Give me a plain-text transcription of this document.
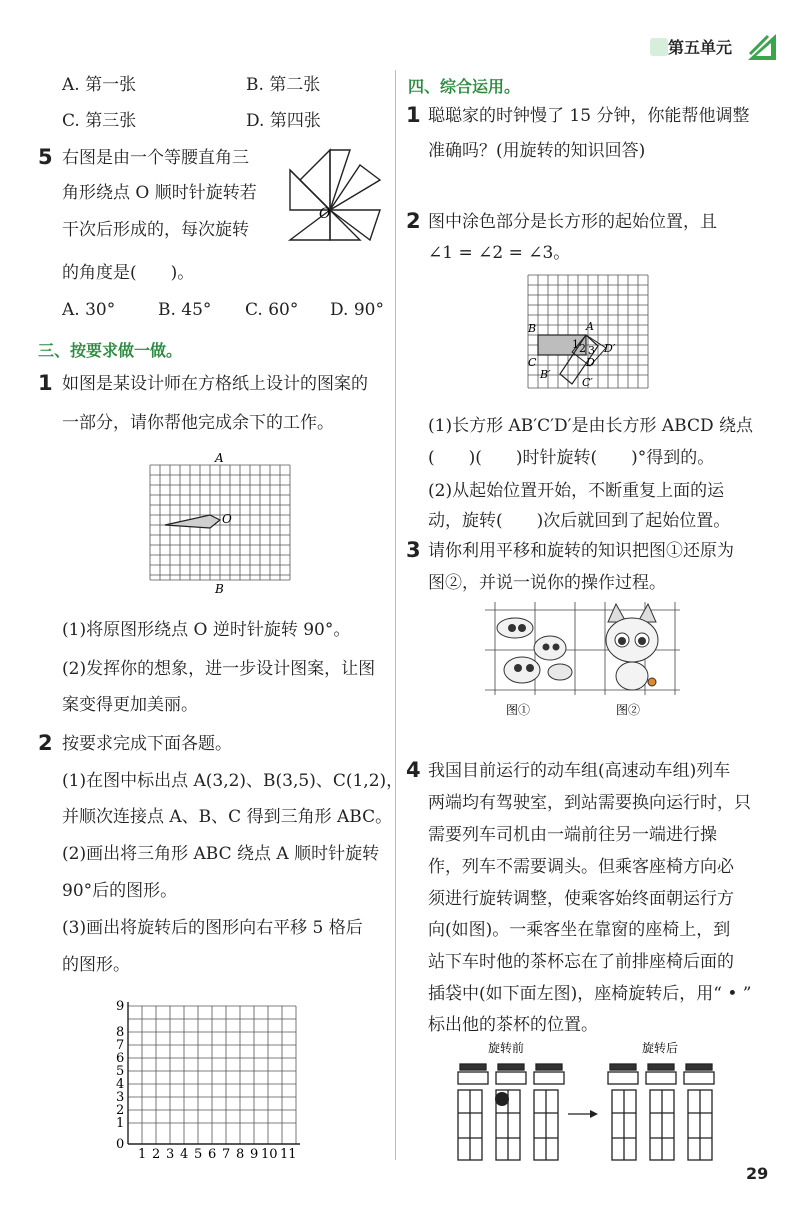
第五单元
A. 第一张	B. 第二张
C. 第三张	D. 第四张
5 右图是由一个等腰直角三
角形绕点 O 顺时针旋转若
干次后形成的，每次旋转
的角度是(　　)。
O
A. 30°	B. 45° C. 60° D. 90°
三、按要求做一做。
1 如图是某设计师在方格纸上设计的图案的
一部分，请你帮他完成余下的工作。
A
O
B
(1)将原图形绕点 O 逆时针旋转 90°。
(2)发挥你的想象，进一步设计图案，让图
案变得更加美丽。
2 按要求完成下面各题。
(1)在图中标出点 A(3,2)、B(3,5)、C(1,2)，
并顺次连接点 A、B、C 得到三角形 ABC。
(2)画出将三角形 ABC 绕点 A 顺时针旋转
90°后的图形。
(3)画出将旋转后的图形向右平移 5 格后
的图形。
0
1
2
3
4
5
6
7
8
9
1 2 3 4 5 6 7 8 9 10 11
四、综合运用。
1 聪聪家的时钟慢了 15 分钟，你能帮他调整
准确吗？(用旋转的知识回答)
2 图中涂色部分是长方形的起始位置，且
∠1 = ∠2 = ∠3。
B	A
1 2 3 D′
C	D
B′
C′
(1)长方形 AB′C′D′是由长方形 ABCD 绕点
(　　)(　　)时针旋转(　　)°得到的。
(2)从起始位置开始，不断重复上面的运
动，旋转(　　)次后就回到了起始位置。
3 请你利用平移和旋转的知识把图①还原为
图②，并说一说你的操作过程。
图①	图②
4 我国目前运行的动车组(高速动车组)列车
两端均有驾驶室，到站需要换向运行时，只
需要列车司机由一端前往另一端进行操
作，列车不需要调头。但乘客座椅方向必
须进行旋转调整，使乘客始终面朝运行方
向(如图)。一乘客坐在靠窗的座椅上，到
站下车时他的茶杯忘在了前排座椅后面的
插袋中(如下面左图)，座椅旋转后，用“ • ”
标出他的茶杯的位置。
旋转前	旋转后
29
